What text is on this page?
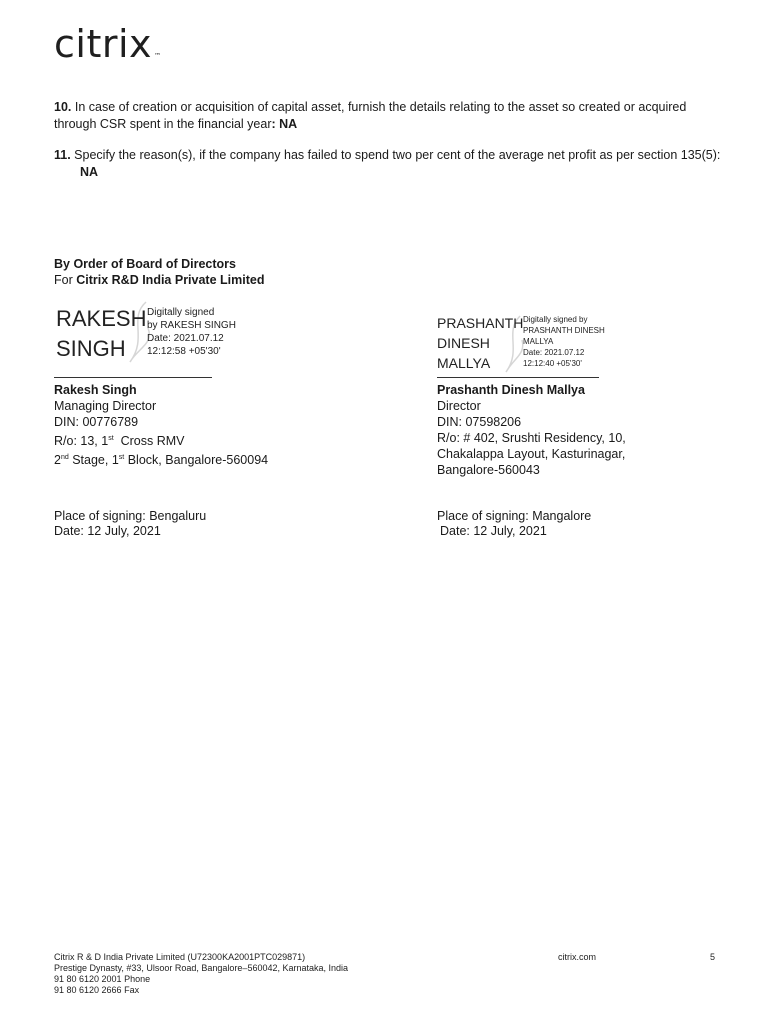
citrix ™
10. In case of creation or acquisition of capital asset, furnish the details relating to the asset so created or acquired through CSR spent in the financial year: NA
11. Specify the reason(s), if the company has failed to spend two per cent of the average net profit as per section 135(5):
NA
By Order of Board of Directors
For Citrix R&D India Private Limited
RAKESH
SINGH
Digitally signed
by RAKESH SINGH
Date: 2021.07.12
12:12:58 +05'30'
Rakesh Singh
Managing Director
DIN: 00776789
R/o: 13, 1st  Cross RMV
2nd Stage, 1st Block, Bangalore-560094
Place of signing: Bengaluru
Date: 12 July, 2021
PRASHANTH
DINESH
MALLYA
Digitally signed by
PRASHANTH DINESH
MALLYA
Date: 2021.07.12
12:12:40 +05'30'
Prashanth Dinesh Mallya
Director
DIN: 07598206
R/o: # 402, Srushti Residency, 10,
Chakalappa Layout, Kasturinagar,
Bangalore-560043
Place of signing: Mangalore
Date: 12 July, 2021
Citrix R & D India Private Limited (U72300KA2001PTC029871)
Prestige Dynasty, #33, Ulsoor Road, Bangalore–560042, Karnataka, India
91 80 6120 2001 Phone
91 80 6120 2666 Fax
citrix.com	5
